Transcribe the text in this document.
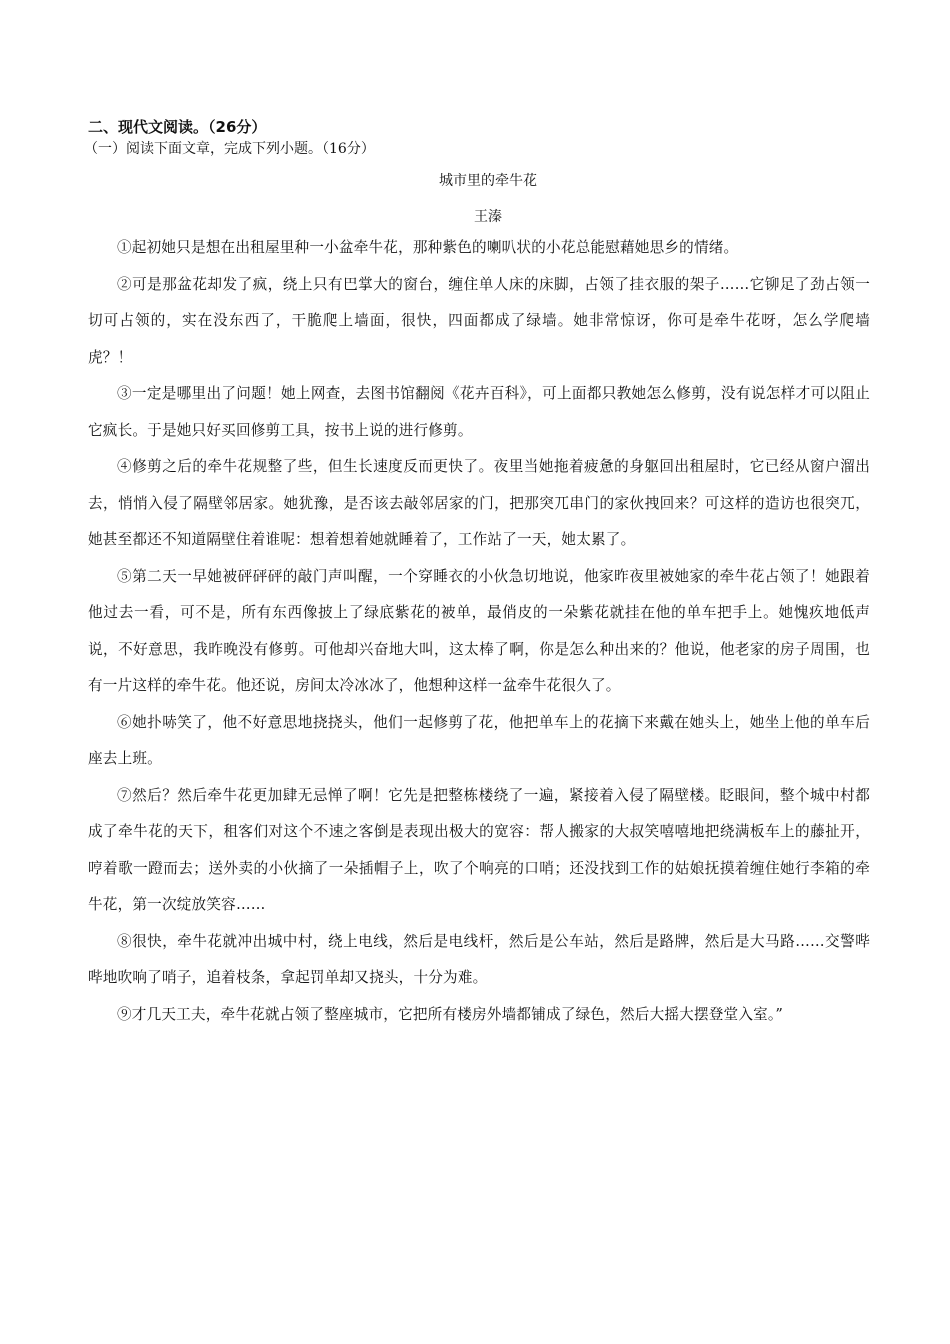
二、现代文阅读。（26分）

（一）阅读下面文章，完成下列小题。（16分）

城市里的牵牛花

王溱

①起初她只是想在出租屋里种一小盆牵牛花，那种紫色的喇叭状的小花总能慰藉她思乡的情绪。

②可是那盆花却发了疯，绕上只有巴掌大的窗台，缠住单人床的床脚，占领了挂衣服的架子……它铆足了劲占领一切可占领的，实在没东西了，干脆爬上墙面，很快，四面都成了绿墙。她非常惊讶，你可是牵牛花呀，怎么学爬墙虎？！

③一定是哪里出了问题！她上网查，去图书馆翻阅《花卉百科》，可上面都只教她怎么修剪，没有说怎样才可以阻止它疯长。于是她只好买回修剪工具，按书上说的进行修剪。

④修剪之后的牵牛花规整了些，但生长速度反而更快了。夜里当她拖着疲惫的身躯回出租屋时，它已经从窗户溜出去，悄悄入侵了隔壁邻居家。她犹豫，是否该去敲邻居家的门，把那突兀串门的家伙拽回来？可这样的造访也很突兀，她甚至都还不知道隔壁住着谁呢：想着想着她就睡着了，工作站了一天，她太累了。

⑤第二天一早她被砰砰砰的敲门声叫醒，一个穿睡衣的小伙急切地说，他家昨夜里被她家的牵牛花占领了！她跟着他过去一看，可不是，所有东西像披上了绿底紫花的被单，最俏皮的一朵紫花就挂在他的单车把手上。她愧疚地低声说，不好意思，我昨晚没有修剪。可他却兴奋地大叫，这太棒了啊，你是怎么种出来的？他说，他老家的房子周围，也有一片这样的牵牛花。他还说，房间太冷冰冰了，他想种这样一盆牵牛花很久了。

⑥她扑哧笑了，他不好意思地挠挠头，他们一起修剪了花，他把单车上的花摘下来戴在她头上，她坐上他的单车后座去上班。

⑦然后？然后牵牛花更加肆无忌惮了啊！它先是把整栋楼绕了一遍，紧接着入侵了隔壁楼。眨眼间，整个城中村都成了牵牛花的天下，租客们对这个不速之客倒是表现出极大的宽容：帮人搬家的大叔笑嘻嘻地把绕满板车上的藤扯开，哼着歌一蹬而去；送外卖的小伙摘了一朵插帽子上，吹了个响亮的口哨；还没找到工作的姑娘抚摸着缠住她行李箱的牵牛花，第一次绽放笑容……

⑧很快，牵牛花就冲出城中村，绕上电线，然后是电线杆，然后是公车站，然后是路牌，然后是大马路……交警哔哔地吹响了哨子，追着枝条，拿起罚单却又挠头，十分为难。

⑨才几天工夫，牵牛花就占领了整座城市，它把所有楼房外墙都铺成了绿色，然后大摇大摆登堂入室。”
